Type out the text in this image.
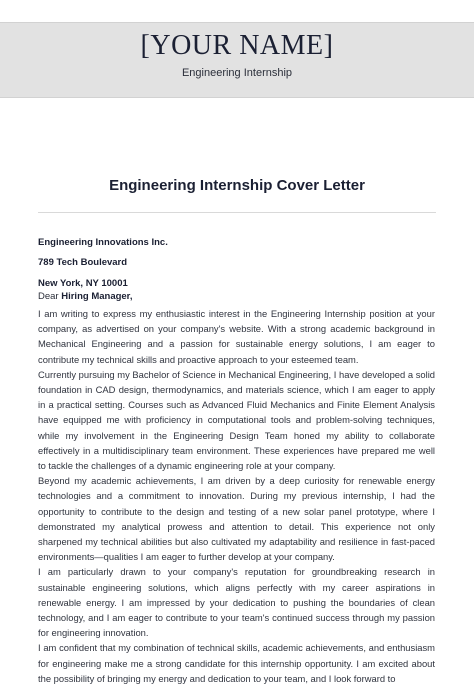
[YOUR NAME]
Engineering Internship
Engineering Internship Cover Letter
Engineering Innovations Inc.
789 Tech Boulevard
New York, NY 10001
Dear Hiring Manager,

I am writing to express my enthusiastic interest in the Engineering Internship position at your company, as advertised on your company's website. With a strong academic background in Mechanical Engineering and a passion for sustainable energy solutions, I am eager to contribute my technical skills and proactive approach to your esteemed team.

Currently pursuing my Bachelor of Science in Mechanical Engineering, I have developed a solid foundation in CAD design, thermodynamics, and materials science, which I am eager to apply in a practical setting. Courses such as Advanced Fluid Mechanics and Finite Element Analysis have equipped me with proficiency in computational tools and problem-solving techniques, while my involvement in the Engineering Design Team honed my ability to collaborate effectively in a multidisciplinary team environment. These experiences have prepared me well to tackle the challenges of a dynamic engineering role at your company.

Beyond my academic achievements, I am driven by a deep curiosity for renewable energy technologies and a commitment to innovation. During my previous internship, I had the opportunity to contribute to the design and testing of a new solar panel prototype, where I demonstrated my analytical prowess and attention to detail. This experience not only sharpened my technical abilities but also cultivated my adaptability and resilience in fast-paced environments—qualities I am eager to further develop at your company.

I am particularly drawn to your company's reputation for groundbreaking research in sustainable engineering solutions, which aligns perfectly with my career aspirations in renewable energy. I am impressed by your dedication to pushing the boundaries of clean technology, and I am eager to contribute to your team's continued success through my passion for engineering innovation.

I am confident that my combination of technical skills, academic achievements, and enthusiasm for engineering make me a strong candidate for this internship opportunity. I am excited about the possibility of bringing my energy and dedication to your team, and I look forward to
